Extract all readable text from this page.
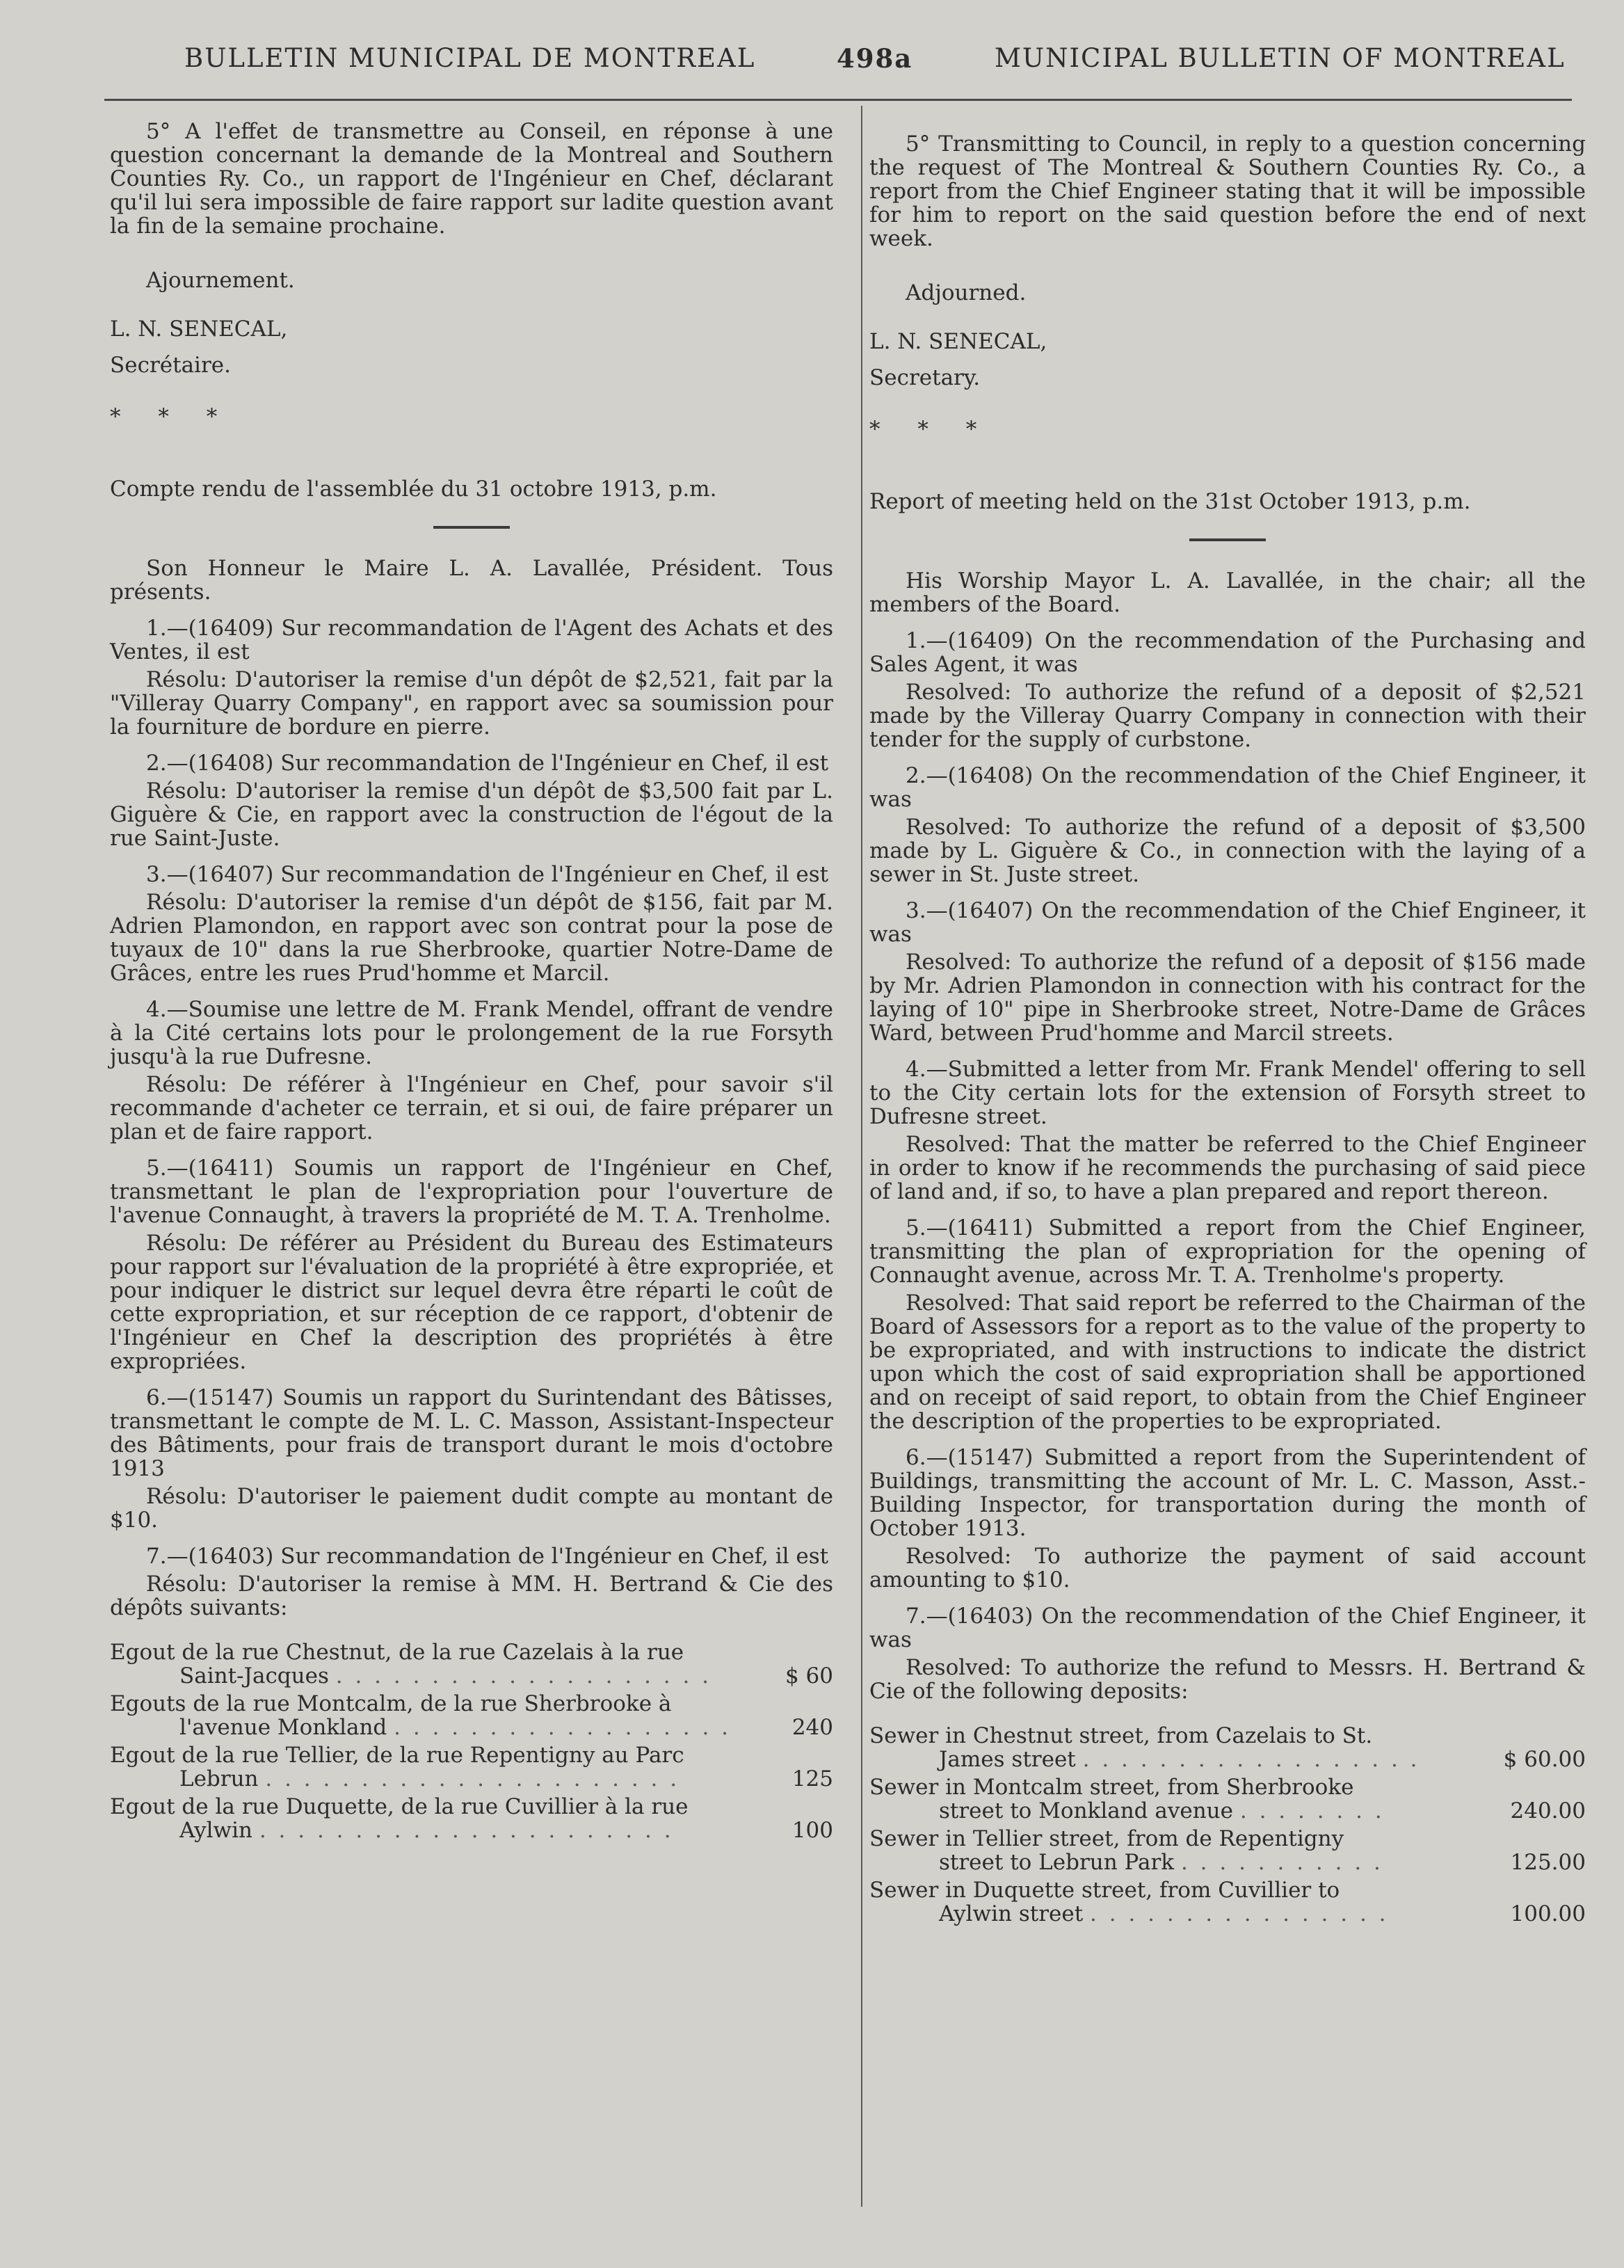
BULLETIN MUNICIPAL DE MONTREAL	498a	MUNICIPAL BULLETIN OF MONTREAL

5° A l'effet de transmettre au Conseil, en réponse à une question concernant la demande de la Montreal and Southern Counties Ry. Co., un rapport de l'Ingénieur en Chef, déclarant qu'il lui sera impossible de faire rapport sur ladite question avant la fin de la semaine prochaine.

Ajournement.

L. N. SENECAL,

Secrétaire.

* * *

Compte rendu de l'assemblée du 31 octobre 1913, p.m.

Son Honneur le Maire L. A. Lavallée, Président. Tous présents.

1.—(16409) Sur recommandation de l'Agent des Achats et des Ventes, il est

Résolu: D'autoriser la remise d'un dépôt de $2,521, fait par la "Villeray Quarry Company", en rapport avec sa soumission pour la fourniture de bordure en pierre.

2.—(16408) Sur recommandation de l'Ingénieur en Chef, il est

Résolu: D'autoriser la remise d'un dépôt de $3,500 fait par L. Giguère & Cie, en rapport avec la construction de l'égout de la rue Saint-Juste.

3.—(16407) Sur recommandation de l'Ingénieur en Chef, il est

Résolu: D'autoriser la remise d'un dépôt de $156, fait par M. Adrien Plamondon, en rapport avec son contrat pour la pose de tuyaux de 10" dans la rue Sherbrooke, quartier Notre-Dame de Grâces, entre les rues Prud'homme et Marcil.

4.—Soumise une lettre de M. Frank Mendel, offrant de vendre à la Cité certains lots pour le prolongement de la rue Forsyth jusqu'à la rue Dufresne.

Résolu: De référer à l'Ingénieur en Chef, pour savoir s'il recommande d'acheter ce terrain, et si oui, de faire préparer un plan et de faire rapport.

5.—(16411) Soumis un rapport de l'Ingénieur en Chef, transmettant le plan de l'expropriation pour l'ouverture de l'avenue Connaught, à travers la propriété de M. T. A. Trenholme.

Résolu: De référer au Président du Bureau des Estimateurs pour rapport sur l'évaluation de la propriété à être expropriée, et pour indiquer le district sur lequel devra être réparti le coût de cette expropriation, et sur réception de ce rapport, d'obtenir de l'Ingénieur en Chef la description des propriétés à être expropriées.

6.—(15147) Soumis un rapport du Surintendant des Bâtisses, transmettant le compte de M. L. C. Masson, Assistant-Inspecteur des Bâtiments, pour frais de transport durant le mois d'octobre 1913

Résolu: D'autoriser le paiement dudit compte au montant de $10.

7.—(16403) Sur recommandation de l'Ingénieur en Chef, il est

Résolu: D'autoriser la remise à MM. H. Bertrand & Cie des dépôts suivants:

Egout de la rue Chestnut, de la rue Cazelais à la rue
Saint-Jacques . . . . . . . . . . . . . . . . . . . .	$ 60
Egouts de la rue Montcalm, de la rue Sherbrooke à
l'avenue Monkland . . . . . . . . . . . . . . . . . .	240
Egout de la rue Tellier, de la rue Repentigny au Parc
Lebrun . . . . . . . . . . . . . . . . . . . . . .	125
Egout de la rue Duquette, de la rue Cuvillier à la rue
Aylwin . . . . . . . . . . . . . . . . . . . . . .	100

5° Transmitting to Council, in reply to a question concerning the request of The Montreal & Southern Counties Ry. Co., a report from the Chief Engineer stating that it will be impossible for him to report on the said question before the end of next week.

Adjourned.

L. N. SENECAL,

Secretary.

* * *

Report of meeting held on the 31st October 1913, p.m.

His Worship Mayor L. A. Lavallée, in the chair; all the members of the Board.

1.—(16409) On the recommendation of the Purchasing and Sales Agent, it was

Resolved: To authorize the refund of a deposit of $2,521 made by the Villeray Quarry Company in connection with their tender for the supply of curbstone.

2.—(16408) On the recommendation of the Chief Engineer, it was

Resolved: To authorize the refund of a deposit of $3,500 made by L. Giguère & Co., in connection with the laying of a sewer in St. Juste street.

3.—(16407) On the recommendation of the Chief Engineer, it was

Resolved: To authorize the refund of a deposit of $156 made by Mr. Adrien Plamondon in connection with his contract for the laying of 10" pipe in Sherbrooke street, Notre-Dame de Grâces Ward, between Prud'homme and Marcil streets.

4.—Submitted a letter from Mr. Frank Mendel' offering to sell to the City certain lots for the extension of Forsyth street to Dufresne street.

Resolved: That the matter be referred to the Chief Engineer in order to know if he recommends the purchasing of said piece of land and, if so, to have a plan prepared and report thereon.

5.—(16411) Submitted a report from the Chief Engineer, transmitting the plan of expropriation for the opening of Connaught avenue, across Mr. T. A. Trenholme's property.

Resolved: That said report be referred to the Chairman of the Board of Assessors for a report as to the value of the property to be expropriated, and with instructions to indicate the district upon which the cost of said expropriation shall be apportioned and on receipt of said report, to obtain from the Chief Engineer the description of the properties to be expropriated.

6.—(15147) Submitted a report from the Superintendent of Buildings, transmitting the account of Mr. L. C. Masson, Asst.-Building Inspector, for transportation during the month of October 1913.

Resolved: To authorize the payment of said account amounting to $10.

7.—(16403) On the recommendation of the Chief Engineer, it was

Resolved: To authorize the refund to Messrs. H. Bertrand & Cie of the following deposits:

Sewer in Chestnut street, from Cazelais to St.
James street . . . . . . . . . . . . . . . . . .	$ 60.00
Sewer in Montcalm street, from Sherbrooke
street to Monkland avenue . . . . . . . .	240.00
Sewer in Tellier street, from de Repentigny
street to Lebrun Park . . . . . . . . . . .	125.00
Sewer in Duquette street, from Cuvillier to
Aylwin street . . . . . . . . . . . . . . . .	100.00
